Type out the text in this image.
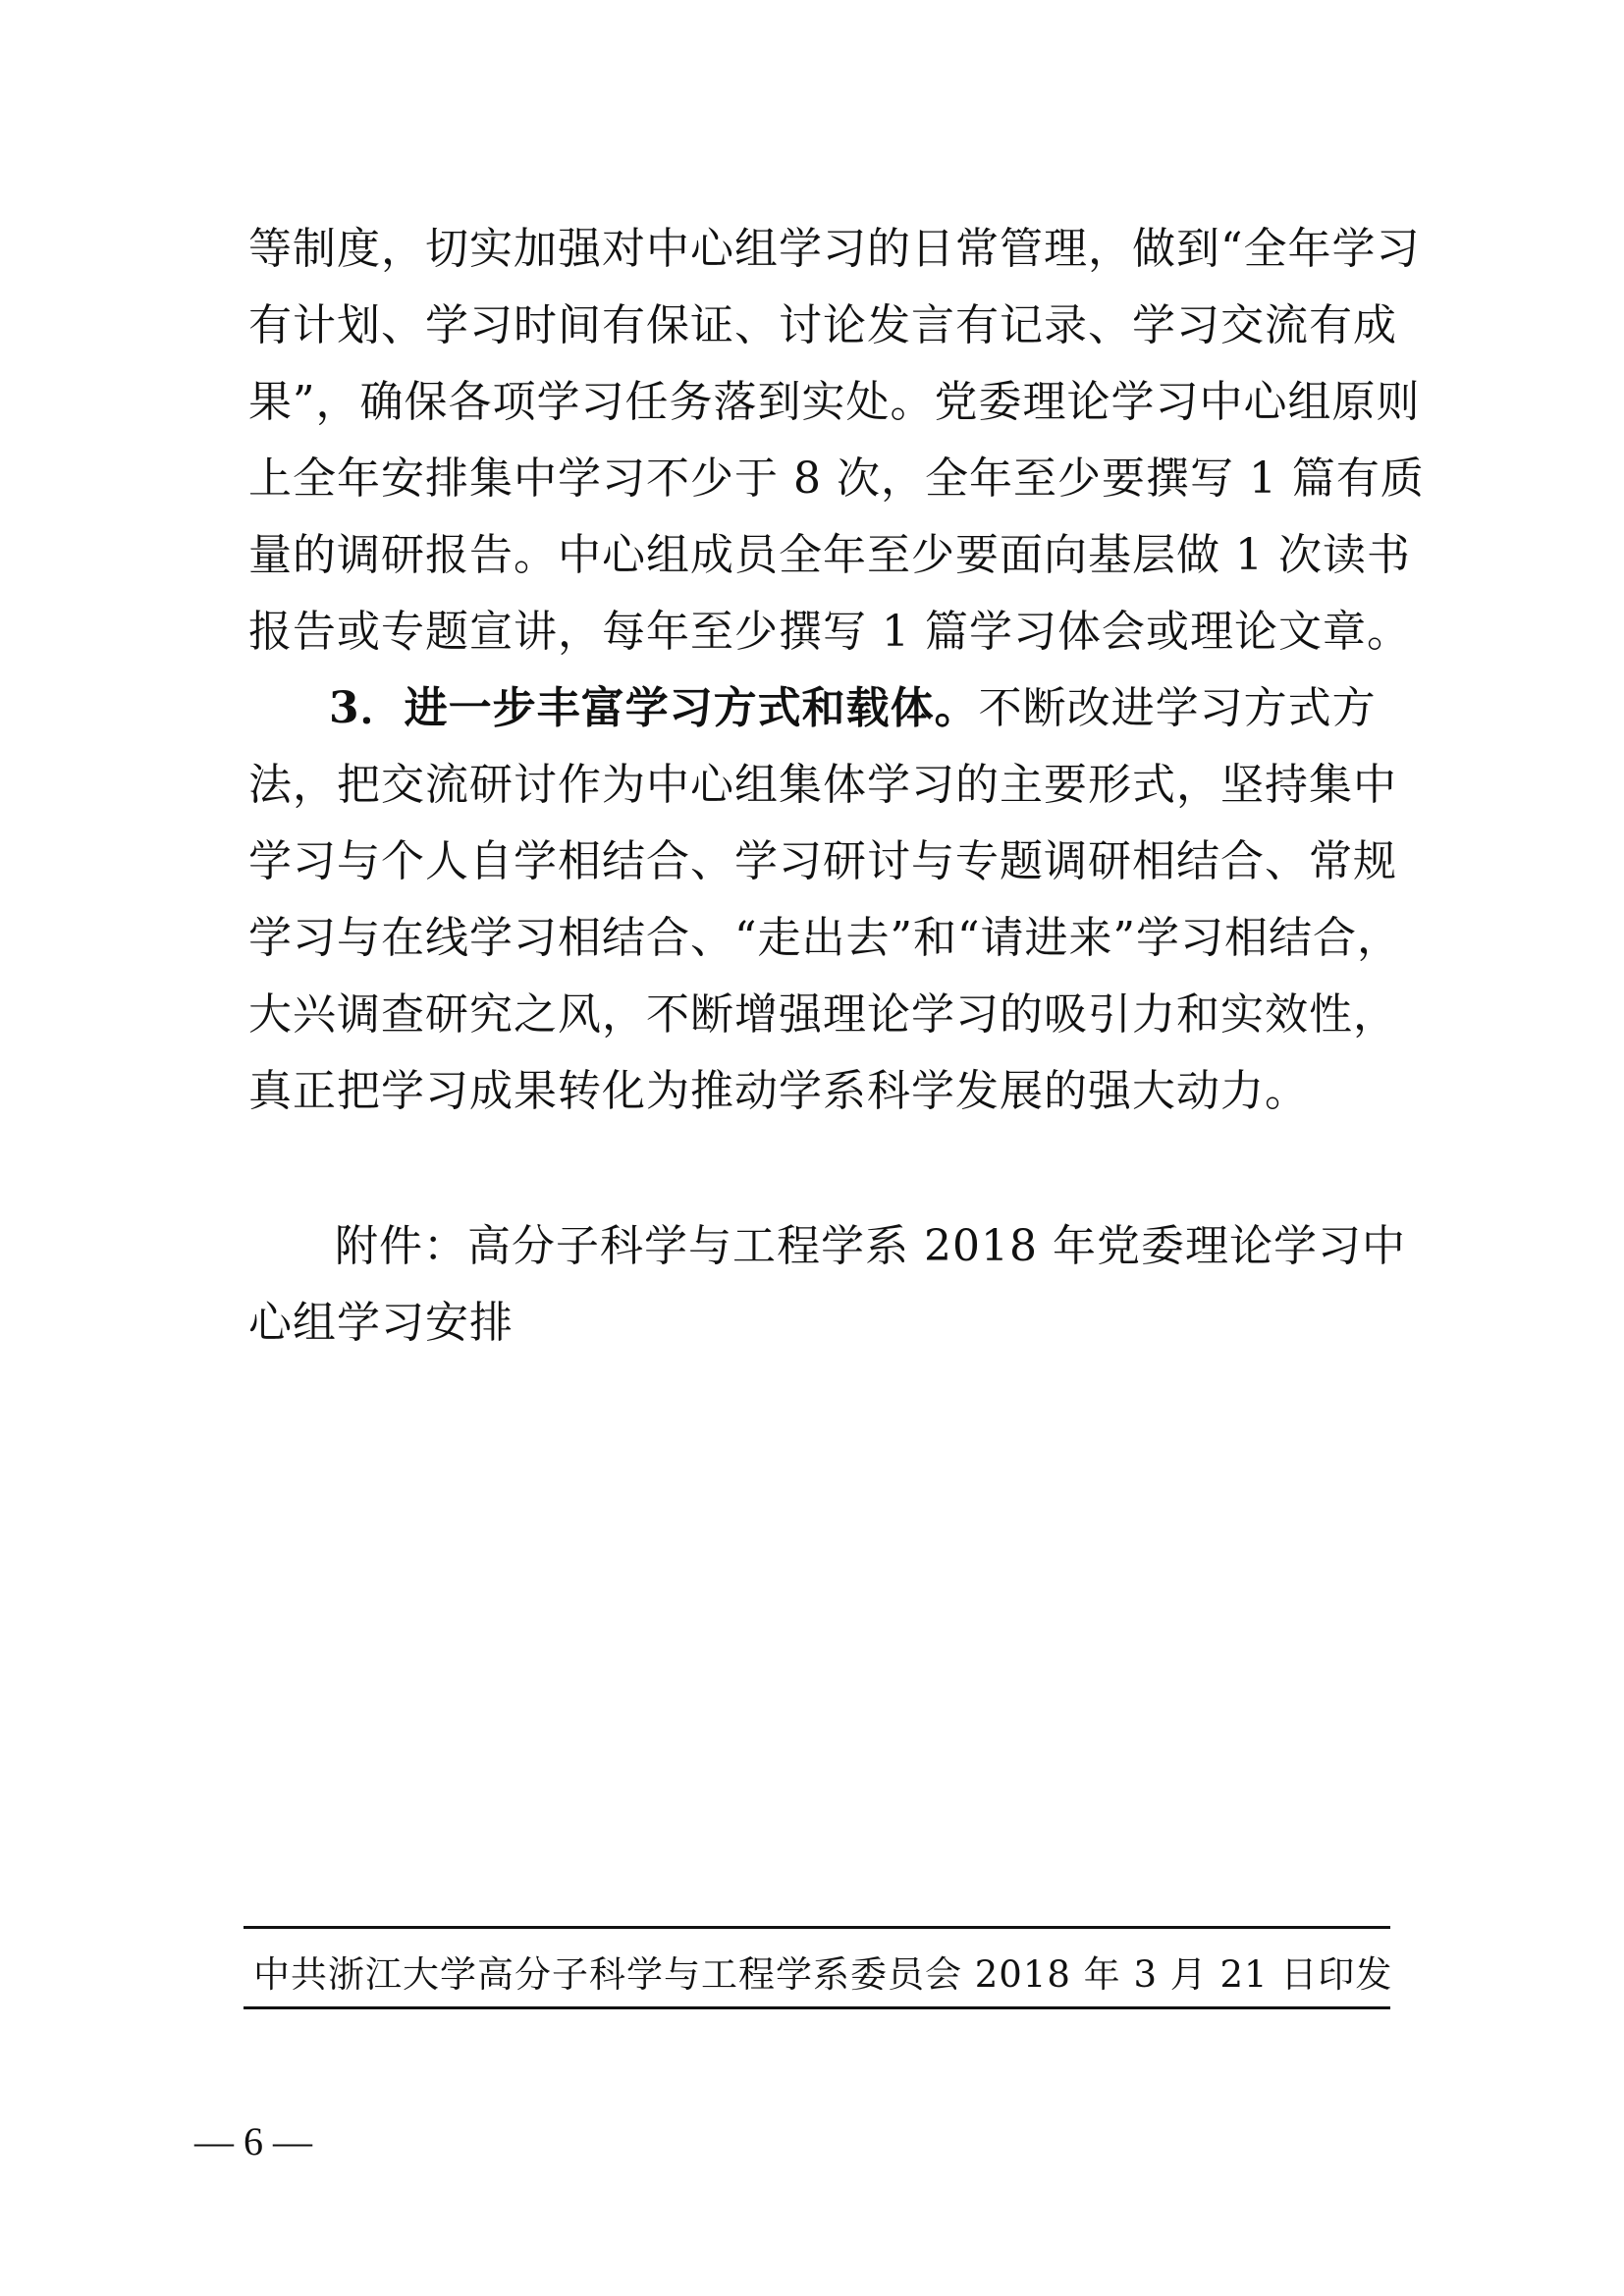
等制度，切实加强对中心组学习的日常管理，做到“全年学习
有计划、学习时间有保证、讨论发言有记录、学习交流有成
果”，确保各项学习任务落到实处。党委理论学习中心组原则
上全年安排集中学习不少于 8 次，全年至少要撰写 1 篇有质
量的调研报告。中心组成员全年至少要面向基层做 1 次读书
报告或专题宣讲，每年至少撰写 1 篇学习体会或理论文章。
3．进一步丰富学习方式和载体。不断改进学习方式方
法，把交流研讨作为中心组集体学习的主要形式，坚持集中
学习与个人自学相结合、学习研讨与专题调研相结合、常规
学习与在线学习相结合、“走出去”和“请进来”学习相结合，
大兴调查研究之风，不断增强理论学习的吸引力和实效性，
真正把学习成果转化为推动学系科学发展的强大动力。
附件：高分子科学与工程学系 2018 年党委理论学习中
心组学习安排
中共浙江大学高分子科学与工程学系委员会 2018 年 3 月 21 日印发
— 6 —
